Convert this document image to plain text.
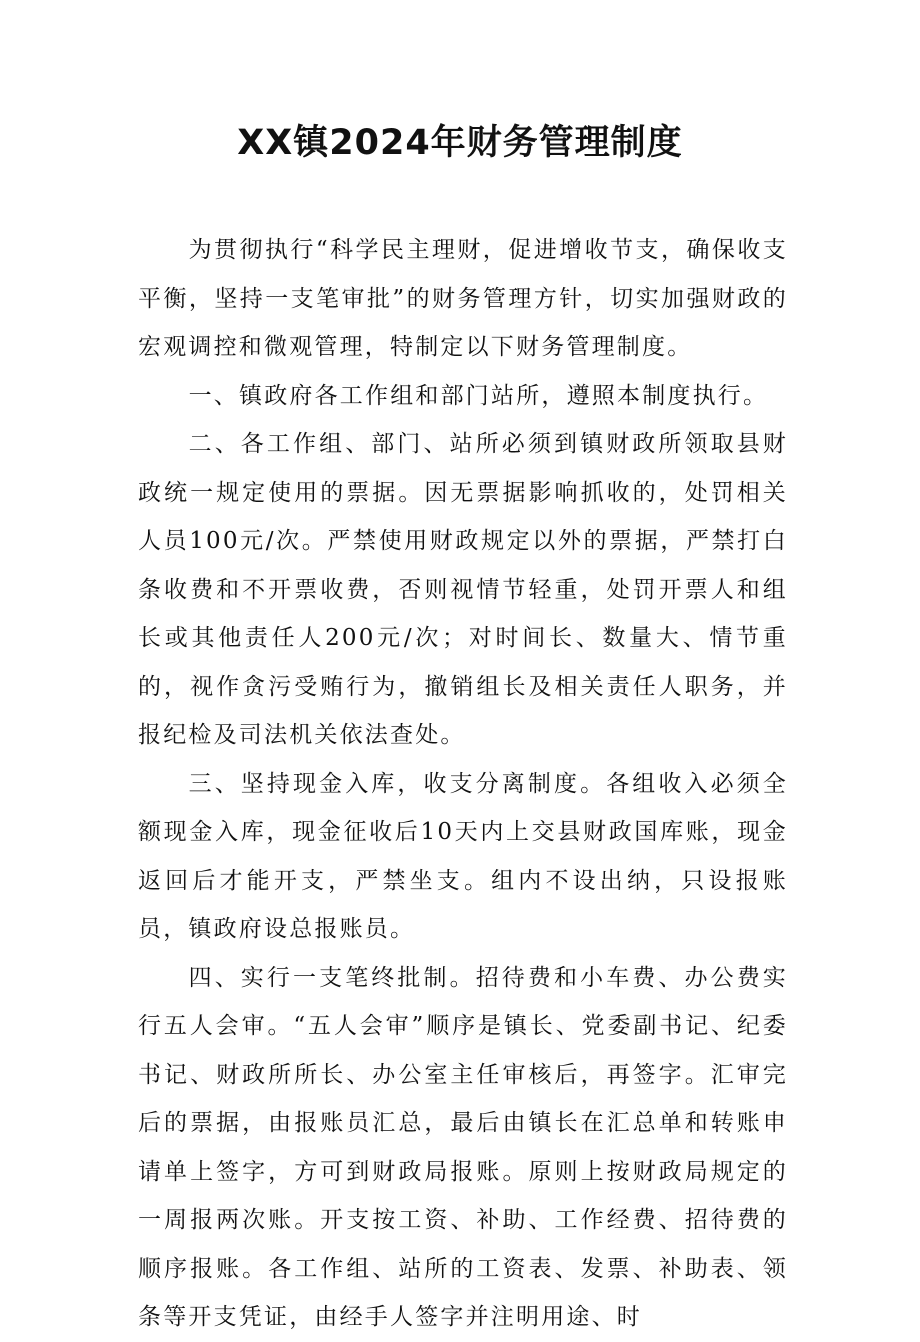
XX镇2024年财务管理制度

为贯彻执行“科学民主理财，促进增收节支，确保收支平衡，坚持一支笔审批”的财务管理方针，切实加强财政的宏观调控和微观管理，特制定以下财务管理制度。

一、镇政府各工作组和部门站所，遵照本制度执行。

二、各工作组、部门、站所必须到镇财政所领取县财政统一规定使用的票据。因无票据影响抓收的，处罚相关人员100元/次。严禁使用财政规定以外的票据，严禁打白条收费和不开票收费，否则视情节轻重，处罚开票人和组长或其他责任人200元/次；对时间长、数量大、情节重的，视作贪污受贿行为，撤销组长及相关责任人职务，并报纪检及司法机关依法查处。

三、坚持现金入库，收支分离制度。各组收入必须全额现金入库，现金征收后10天内上交县财政国库账，现金返回后才能开支，严禁坐支。组内不设出纳，只设报账员，镇政府设总报账员。

四、实行一支笔终批制。招待费和小车费、办公费实行五人会审。“五人会审”顺序是镇长、党委副书记、纪委书记、财政所所长、办公室主任审核后，再签字。汇审完后的票据，由报账员汇总，最后由镇长在汇总单和转账申请单上签字，方可到财政局报账。原则上按财政局规定的一周报两次账。开支按工资、补助、工作经费、招待费的顺序报账。各工作组、站所的工资表、发票、补助表、领条等开支凭证，由经手人签字并注明用途、时
